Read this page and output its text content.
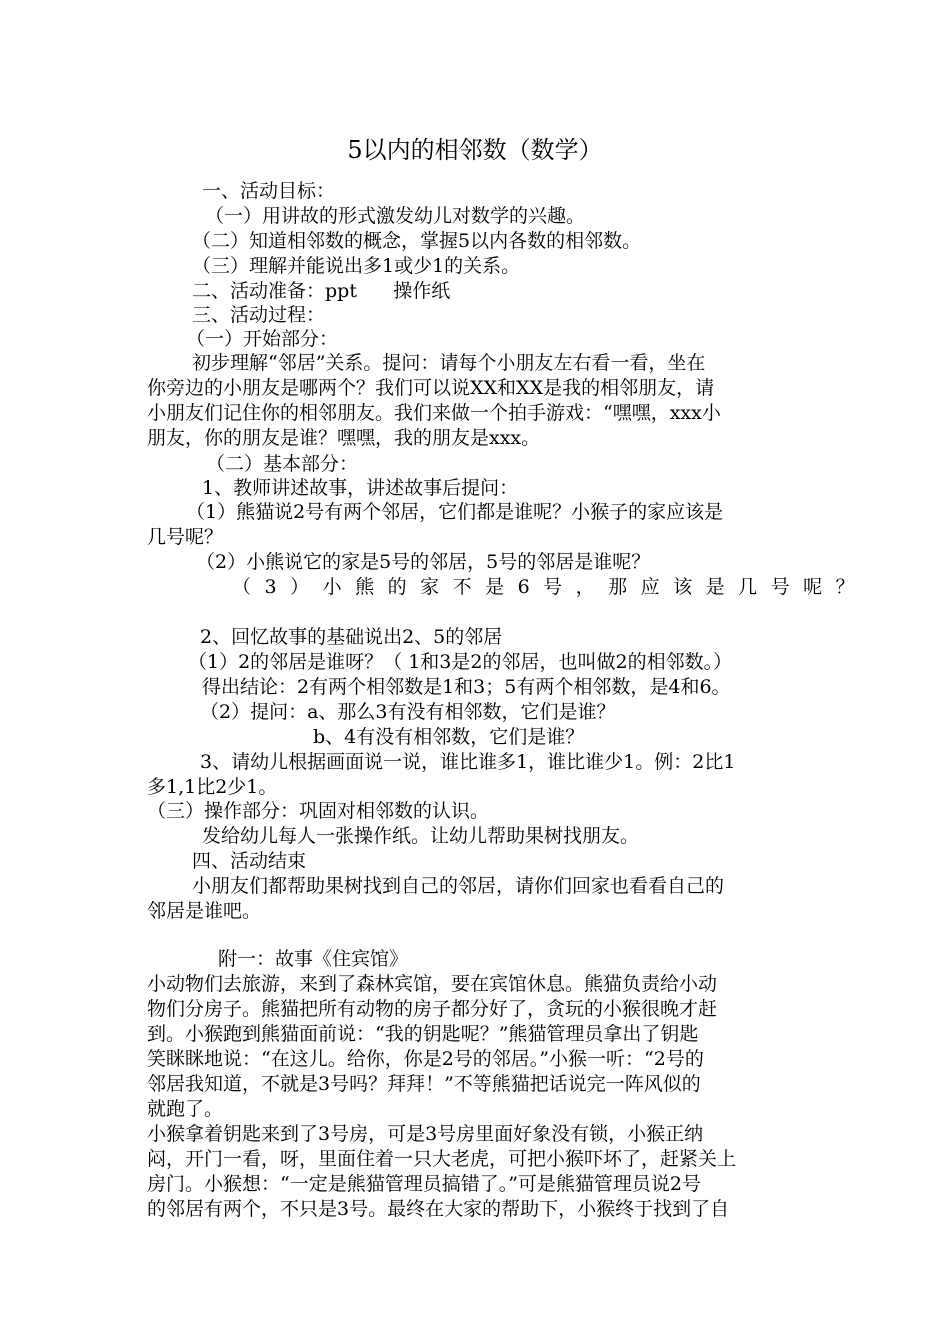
5以内的相邻数（数学）
一、活动目标：
（一）用讲故的形式激发幼儿对数学的兴趣。
（二）知道相邻数的概念，掌握5以内各数的相邻数。
（三）理解并能说出多1或少1的关系。
二、活动准备：ppt      操作纸
三、活动过程：
（一）开始部分：
初步理解“邻居”关系。提问：请每个小朋友左右看一看，坐在
你旁边的小朋友是哪两个？我们可以说XX和XX是我的相邻朋友，请
小朋友们记住你的相邻朋友。我们来做一个拍手游戏：“嘿嘿，xxx小
朋友，你的朋友是谁？嘿嘿，我的朋友是xxx。
（二）基本部分：
1、教师讲述故事，讲述故事后提问：
（1）熊猫说2号有两个邻居，它们都是谁呢？小猴子的家应该是
几号呢？
（2）小熊说它的家是5号的邻居，5号的邻居是谁呢？
（3）小熊的家不是6号，那应该是几号呢？
2、回忆故事的基础说出2、5的邻居
（1）2的邻居是谁呀？（ 1和3是2的邻居，也叫做2的相邻数。）
得出结论：2有两个相邻数是1和3；5有两个相邻数，是4和6。
（2）提问：a、那么3有没有相邻数，它们是谁？
b、4有没有相邻数，它们是谁？
3、请幼儿根据画面说一说，谁比谁多1，谁比谁少1。例：2比1
多1,1比2少1。
（三）操作部分：巩固对相邻数的认识。
发给幼儿每人一张操作纸。让幼儿帮助果树找朋友。
四、活动结束
小朋友们都帮助果树找到自己的邻居，请你们回家也看看自己的
邻居是谁吧。
附一：故事《住宾馆》
小动物们去旅游，来到了森林宾馆，要在宾馆休息。熊猫负责给小动
物们分房子。熊猫把所有动物的房子都分好了，贪玩的小猴很晚才赶
到。小猴跑到熊猫面前说：“我的钥匙呢？”熊猫管理员拿出了钥匙
笑眯眯地说：“在这儿。给你，你是2号的邻居。”小猴一听：“2号的
邻居我知道，不就是3号吗？拜拜！”不等熊猫把话说完一阵风似的
就跑了。
小猴拿着钥匙来到了3号房，可是3号房里面好象没有锁，小猴正纳
闷，开门一看，呀，里面住着一只大老虎，可把小猴吓坏了，赶紧关上
房门。小猴想：“一定是熊猫管理员搞错了。”可是熊猫管理员说2号
的邻居有两个，不只是3号。最终在大家的帮助下，小猴终于找到了自
